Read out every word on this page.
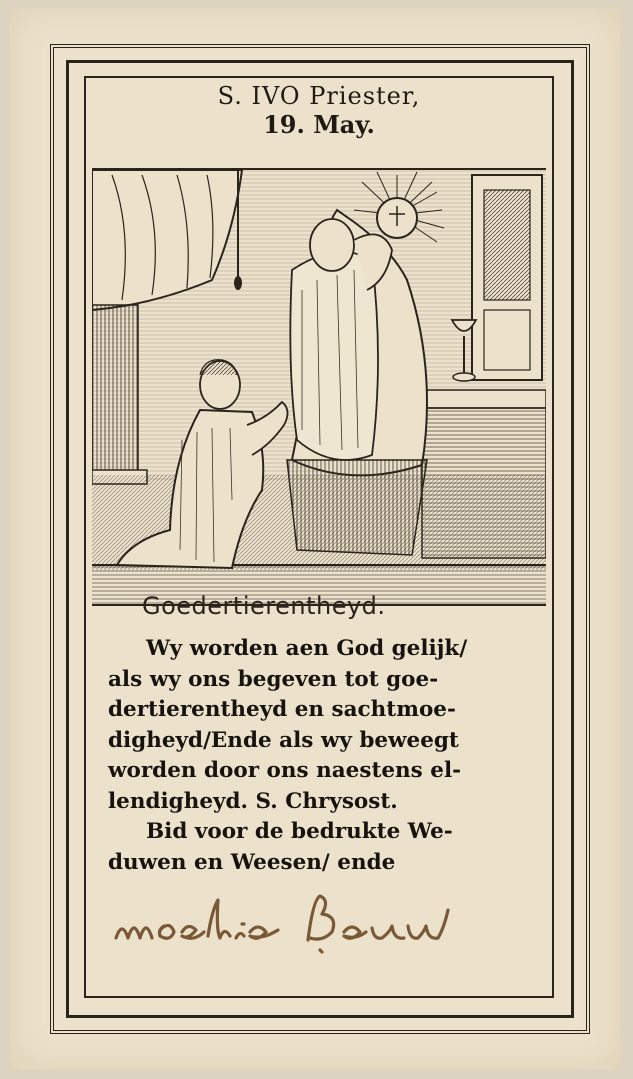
S. IVO Priester,
19. May.
Goedertierentheyd.
Wy worden aen God gelijk/
als wy ons begeven tot goe-
dertierentheyd en sachtmoe-
digheyd/Ende als wy beweegt
worden door ons naestens el-
lendigheyd. S. Chrysost.
Bid voor de bedrukte We-
duwen en Weesen/ ende
